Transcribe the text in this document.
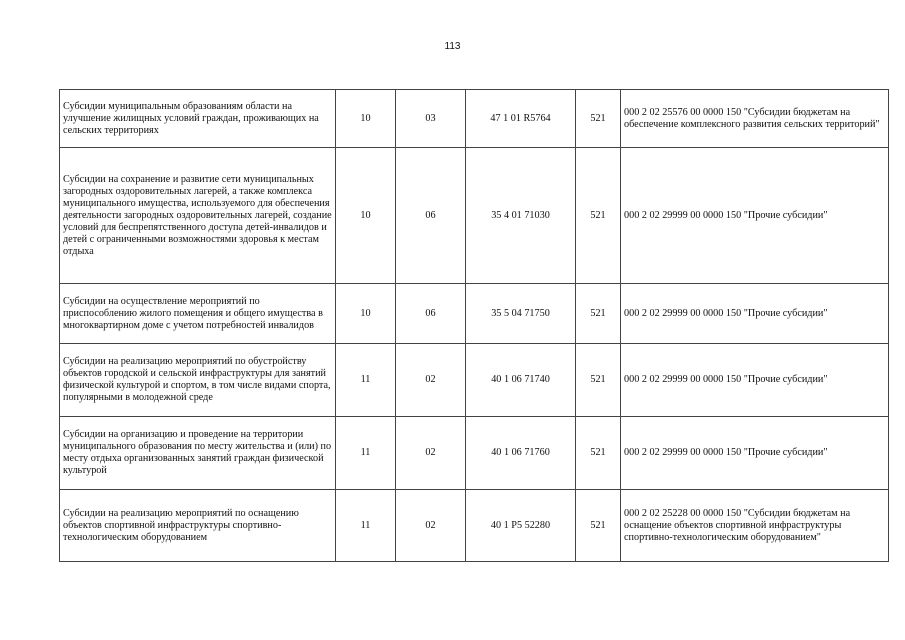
113
Субсидии муниципальным образованиям области на улучшение жилищных условий граждан, проживающих на сельских территориях	10	03	47 1 01 R5764	521	000 2 02 25576 00 0000 150 "Субсидии бюджетам на обеспечение комплексного развития сельских территорий"
Субсидии на сохранение и развитие сети муниципальных загородных оздоровительных лагерей, а также комплекса муниципального имущества, используемого для обеспечения деятельности загородных оздоровительных лагерей, создание условий для беспрепятственного доступа детей-инвалидов и детей с ограниченными возможностями здоровья к местам отдыха	10	06	35 4 01 71030	521	000 2 02 29999 00 0000 150 "Прочие субсидии"
Субсидии на осуществление мероприятий по приспособлению жилого помещения и общего имущества в многоквартирном доме с учетом потребностей инвалидов	10	06	35 5 04 71750	521	000 2 02 29999 00 0000 150 "Прочие субсидии"
Субсидии на реализацию мероприятий по обустройству объектов городской и сельской инфраструктуры для занятий физической культурой и спортом, в том числе видами спорта, популярными в молодежной среде	11	02	40 1 06 71740	521	000 2 02 29999 00 0000 150 "Прочие субсидии"
Субсидии на организацию и проведение на территории муниципального образования по месту жительства и (или) по месту отдыха организованных занятий граждан физической культурой	11	02	40 1 06 71760	521	000 2 02 29999 00 0000 150 "Прочие субсидии"
Субсидии на реализацию мероприятий по оснащению объектов спортивной инфраструктуры спортивно-технологическим оборудованием	11	02	40 1 P5 52280	521	000 2 02 25228 00 0000 150 "Субсидии бюджетам на оснащение объектов спортивной инфраструктуры спортивно-технологическим оборудованием"
